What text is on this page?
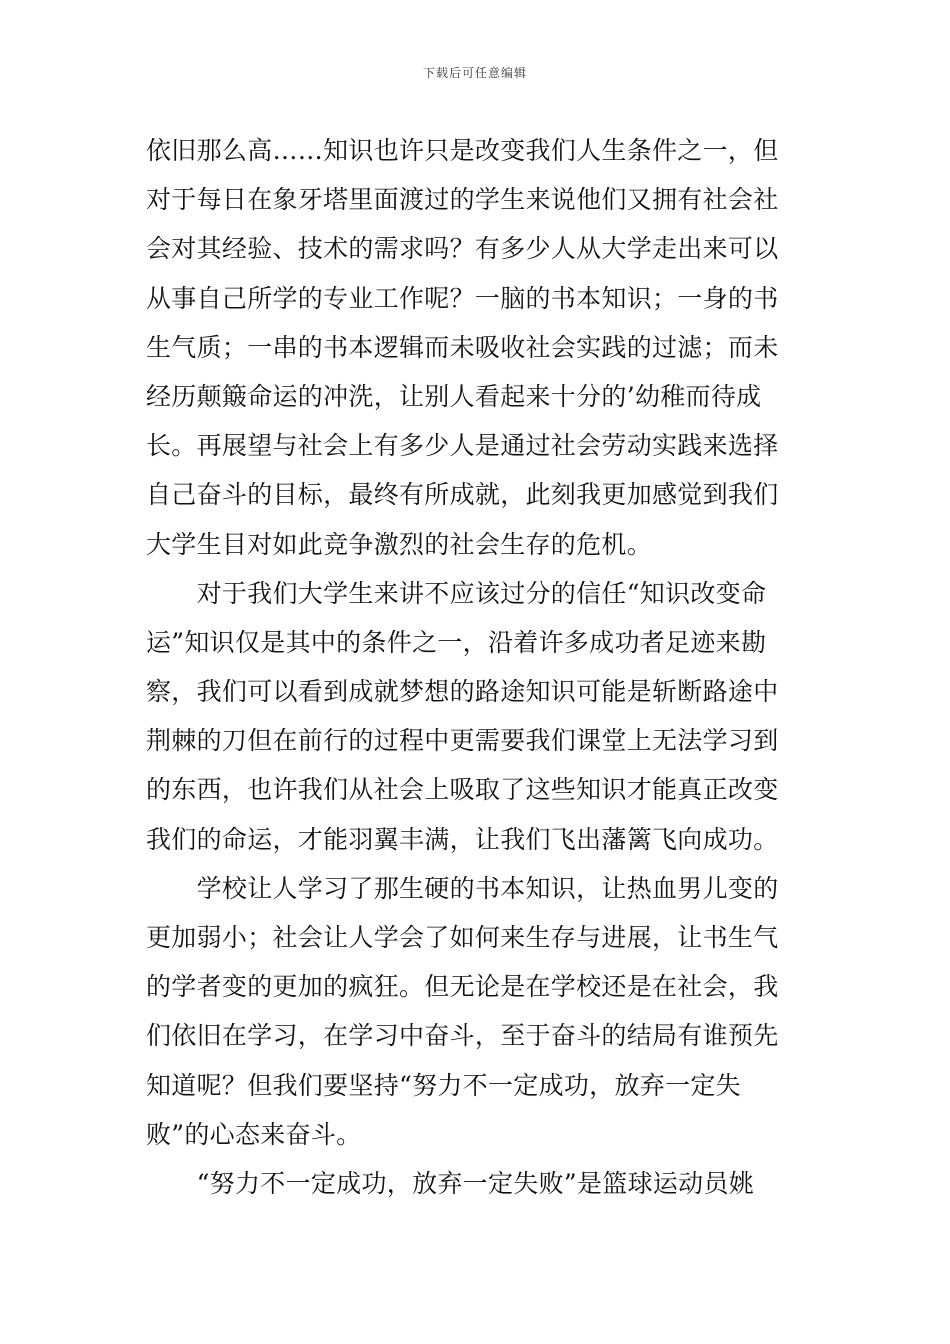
下载后可任意编辑
依旧那么高……知识也许只是改变我们人生条件之一，但
对于每日在象牙塔里面渡过的学生来说他们又拥有社会社
会对其经验、技术的需求吗？有多少人从大学走出来可以
从事自己所学的专业工作呢？一脑的书本知识；一身的书
生气质；一串的书本逻辑而未吸收社会实践的过滤；而未
经历颠簸命运的冲洗，让别人看起来十分的’幼稚而待成
长。再展望与社会上有多少人是通过社会劳动实践来选择
自己奋斗的目标，最终有所成就，此刻我更加感觉到我们
大学生目对如此竞争激烈的社会生存的危机。
　　对于我们大学生来讲不应该过分的信任“知识改变命
运”知识仅是其中的条件之一，沿着许多成功者足迹来勘
察，我们可以看到成就梦想的路途知识可能是斩断路途中
荆棘的刀但在前行的过程中更需要我们课堂上无法学习到
的东西，也许我们从社会上吸取了这些知识才能真正改变
我们的命运，才能羽翼丰满，让我们飞出藩篱飞向成功。
　　学校让人学习了那生硬的书本知识，让热血男儿变的
更加弱小；社会让人学会了如何来生存与进展，让书生气
的学者变的更加的疯狂。但无论是在学校还是在社会，我
们依旧在学习，在学习中奋斗，至于奋斗的结局有谁预先
知道呢？但我们要坚持“努力不一定成功，放弃一定失
败”的心态来奋斗。
　　“努力不一定成功，放弃一定失败”是篮球运动员姚
